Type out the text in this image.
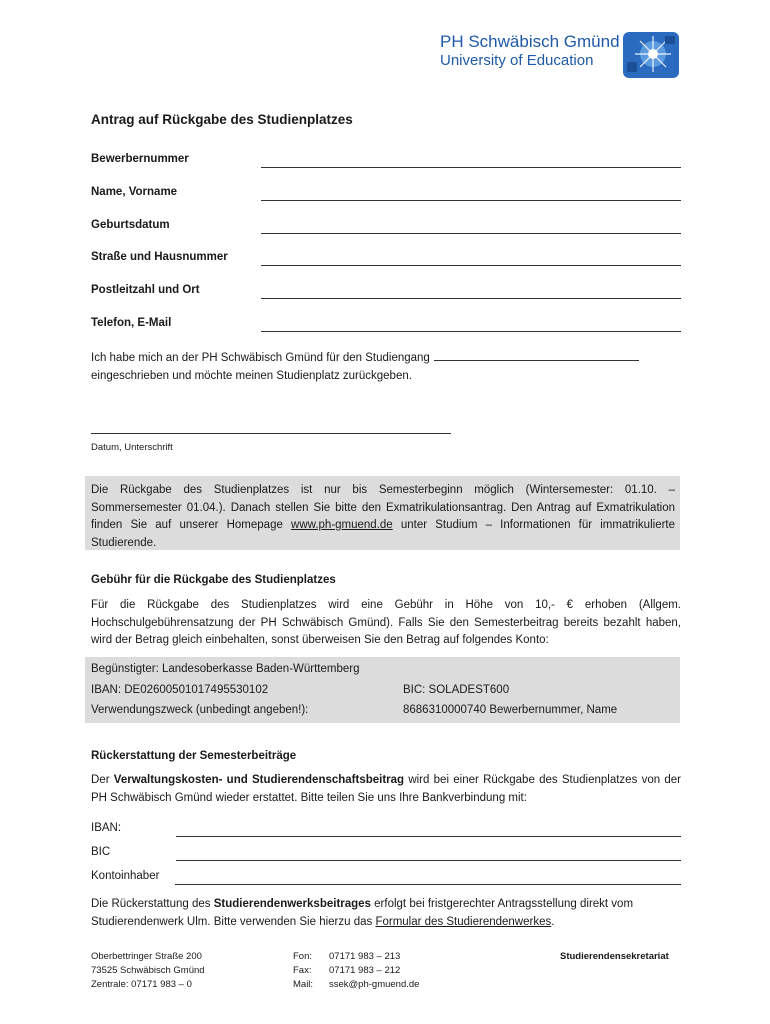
PH Schwäbisch Gmünd
University of Education
Antrag auf Rückgabe des Studienplatzes
Bewerbernummer
Name, Vorname
Geburtsdatum
Straße und Hausnummer
Postleitzahl und Ort
Telefon, E-Mail
Ich habe mich an der PH Schwäbisch Gmünd für den Studiengang
eingeschrieben und möchte meinen Studienplatz zurückgeben.
Datum, Unterschrift
Die Rückgabe des Studienplatzes ist nur bis Semesterbeginn möglich (Wintersemester: 01.10. – Sommersemester 01.04.). Danach stellen Sie bitte den Exmatrikulationsantrag. Den Antrag auf Exmatrikulation finden Sie auf unserer Homepage www.ph-gmuend.de unter Studium – Informationen für immatrikulierte Studierende.
Gebühr für die Rückgabe des Studienplatzes
Für die Rückgabe des Studienplatzes wird eine Gebühr in Höhe von 10,- € erhoben (Allgem. Hochschulgebührensatzung der PH Schwäbisch Gmünd). Falls Sie den Semesterbeitrag bereits bezahlt haben, wird der Betrag gleich einbehalten, sonst überweisen Sie den Betrag auf folgendes Konto:
Begünstigter: Landesoberkasse Baden-Württemberg
IBAN: DE02600501017495530102	BIC: SOLADEST600
Verwendungszweck (unbedingt angeben!):	8686310000740 Bewerbernummer, Name
Rückerstattung der Semesterbeiträge
Der Verwaltungskosten- und Studierendenschaftsbeitrag wird bei einer Rückgabe des Studienplatzes von der PH Schwäbisch Gmünd wieder erstattet. Bitte teilen Sie uns Ihre Bankverbindung mit:
IBAN:
BIC
Kontoinhaber
Die Rückerstattung des Studierendenwerksbeitrages erfolgt bei fristgerechter Antragsstellung direkt vom Studierendenwerk Ulm. Bitte verwenden Sie hierzu das Formular des Studierendenwerkes.
Oberbettringer Straße 200
73525 Schwäbisch Gmünd
Zentrale: 07171 983 – 0
Fon:	07171 983 – 213
Fax:	07171 983 – 212
Mail:	ssek@ph-gmuend.de
Studierendensekretariat
